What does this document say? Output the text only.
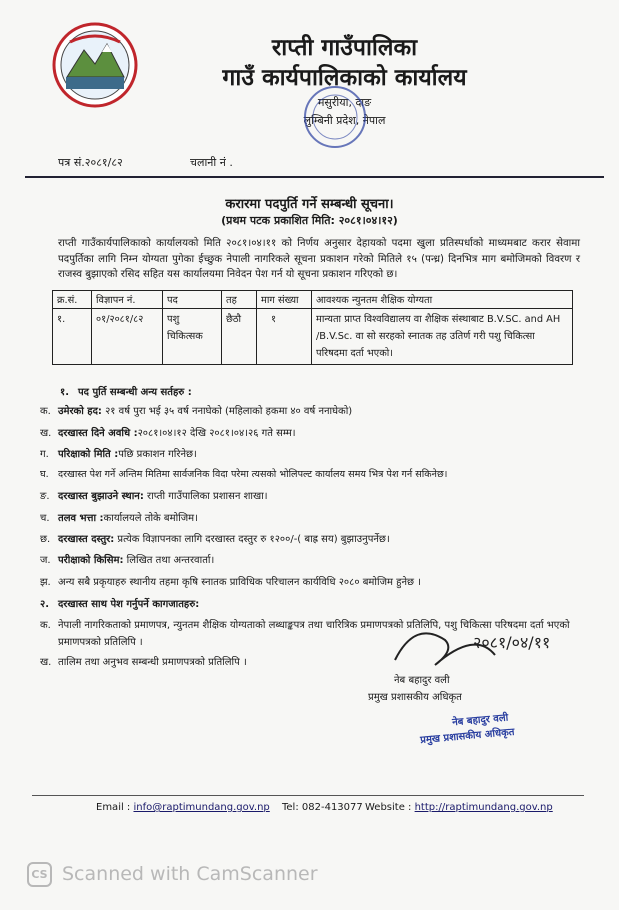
राप्ती गाउँपालिका
गाउँ कार्यपालिकाको कार्यालय
मसुरीया, दाङ
लुम्बिनी प्रदेश, नेपाल
पत्र सं.२०८१/८२	चलानी नं .
करारमा पदपुर्ति गर्ने सम्बन्धी सूचना।
(प्रथम पटक प्रकाशित मिति: २०८१।०४।१२)
राप्ती गाउँकार्यपालिकाको कार्यालयको मिति २०८१।०४।११ को निर्णय अनुसार देहायको पदमा खुला प्रतिस्पर्धाको माध्यमबाट करार सेवामा पदपुर्तिका लागि निम्न योग्यता पुगेका ईच्छुक नेपाली नागरिकले सूचना प्रकाशन गरेको मितिले १५ (पन्ध्र) दिनभित्र माग बमोजिमको विवरण र राजस्व बुझाएको रसिद सहित यस कार्यालयमा निवेदन पेश गर्न यो सूचना प्रकाशन गरिएको छ।
क्र.सं.	विज्ञापन नं.	पद	तह	माग संख्या	आवश्यक न्युनतम शैक्षिक योग्यता
१.	०१/२०८१/८२	पशु चिकित्सक	छैठौ	१	मान्यता प्राप्त विश्वविद्यालय वा शैक्षिक संस्थाबाट B.V.SC. and AH /B.V.Sc. वा सो सरहको स्नातक तह उतिर्ण गरी पशु चिकित्सा परिषदमा दर्ता भएको।
१. पद पुर्ति सम्बन्धी अन्य सर्तहरु :
क. उमेरको हद: २१ वर्ष पुरा भई ३५ वर्ष ननाघेको (महिलाको हकमा ४० वर्ष ननाघेको)
ख. दरखास्त दिने अवधि :२०८१।०४।१२ देखि २०८१।०४।२६ गते सम्म।
ग. परिक्षाको मिति :पछि प्रकाशन गरिनेछ।
घ. दरखास्त पेश गर्ने अन्तिम मितिमा सार्वजनिक विदा परेमा त्यसको भोलिपल्ट कार्यालय समय भित्र पेश गर्न सकिनेछ।
ङ. दरखास्त बुझाउने स्थान: राप्ती गाउँपालिका प्रशासन शाखा।
च. तलव भत्ता :कार्यालयले तोके बमोजिम।
छ. दरखास्त दस्तुर: प्रत्येक विज्ञापनका लागि दरखास्त दस्तुर रु १२००/-( बाह्र सय) बुझाउनुपर्नेछ।
ज. परीक्षाको किसिम: लिखित तथा अन्तरवार्ता।
झ. अन्य सबै प्रकृयाहरु स्थानीय तहमा कृषि स्नातक प्राविधिक परिचालन कार्यविधि २०८० बमोजिम हुनेछ ।
२. दरखास्त साथ पेश गर्नुपर्ने कागजातहरु:
क. नेपाली नागरिकताको प्रमाणपत्र, न्युनतम शैक्षिक योग्यताको लब्धाङ्कपत्र तथा चारित्रिक प्रमाणपत्रको प्रतिलिपि, पशु चिकित्सा परिषदमा दर्ता भएको प्रमाणपत्रको प्रतिलिपि ।
ख. तालिम तथा अनुभव सम्बन्धी प्रमाणपत्रको प्रतिलिपि ।
२०८१/०४/११
नेब बहादुर वली
प्रमुख प्रशासकीय अधिकृत
नेब बहादुर वली
प्रमुख प्रशासकीय अधिकृत
Email : info@raptimundang.gov.np Tel: 082-413077 Website : http://raptimundang.gov.np
CS Scanned with CamScanner
